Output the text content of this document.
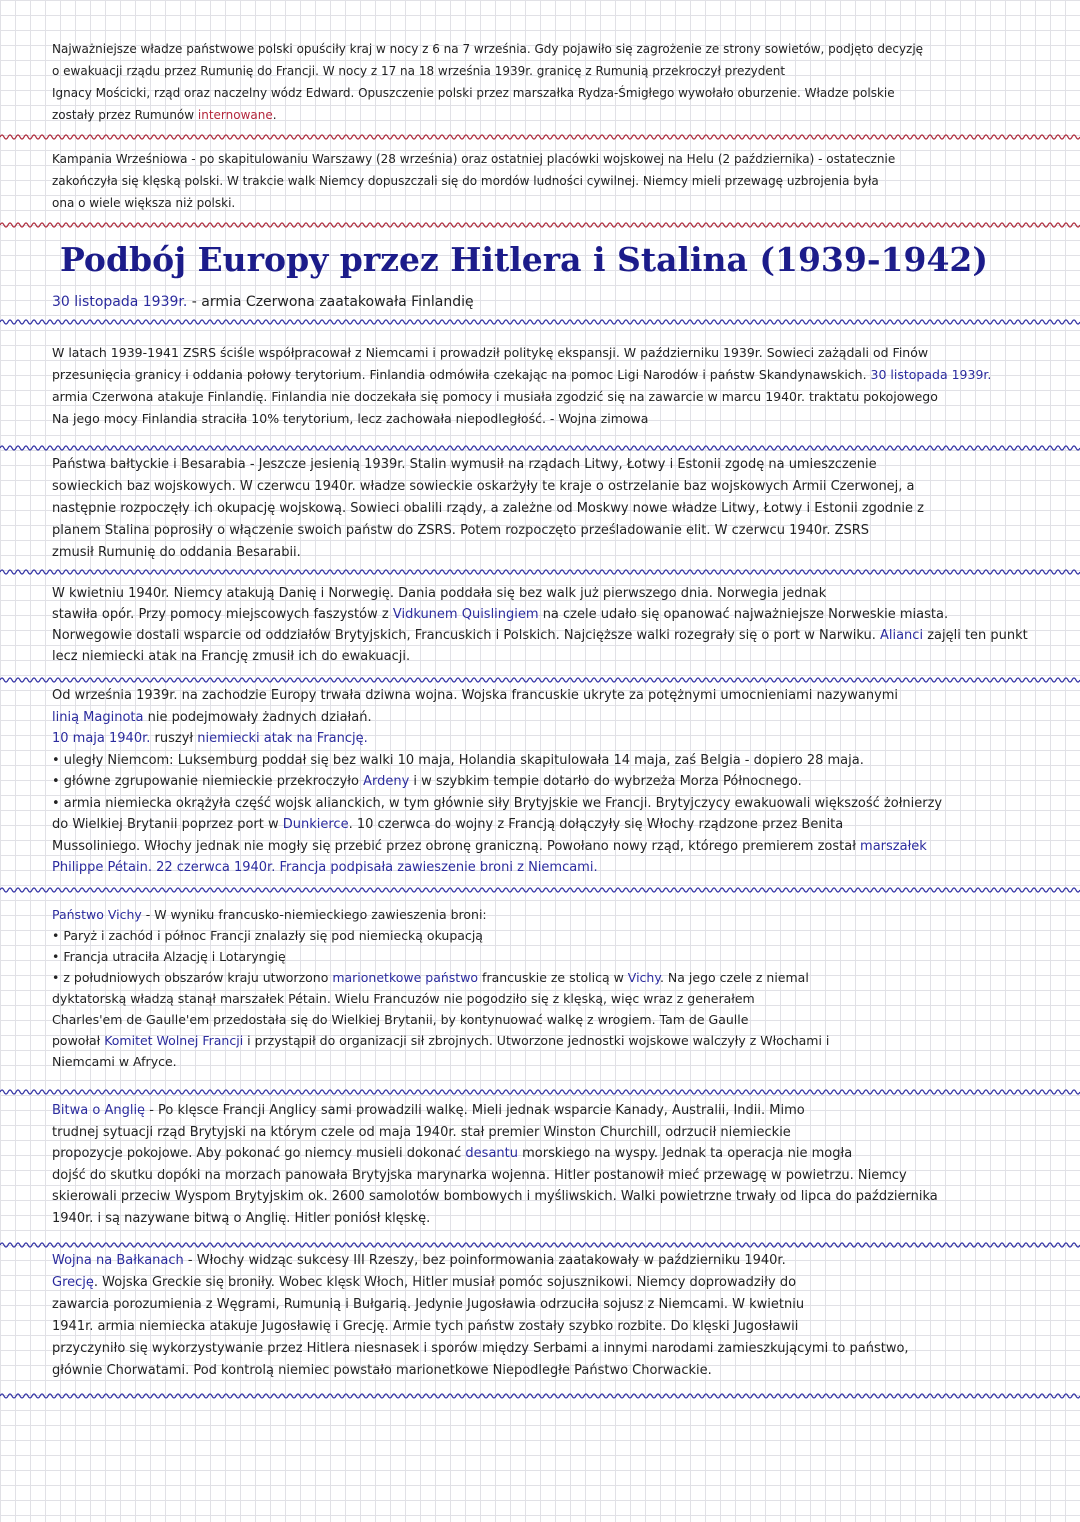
Podbój Europy przez Hitlera i Stalina (1939-1942)
Najważniejsze władze państwowe polski opuściły kraj w nocy z 6 na 7 września. Gdy pojawiło się zagrożenie ze strony sowietów, podjęto decyzję
o ewakuacji rządu przez Rumunię do Francji. W nocy z 17 na 18 września 1939r. granicę z Rumunią przekroczył prezydent
Ignacy Mościcki, rząd oraz naczelny wódz Edward. Opuszczenie polski przez marszałka Rydza-Śmigłego wywołało oburzenie. Władze polskie
zostały przez Rumunów internowane.
Kampania Wrześniowa - po skapitulowaniu Warszawy (28 września) oraz ostatniej placówki wojskowej na Helu (2 października) - ostatecznie
zakończyła się klęską polski. W trakcie walk Niemcy dopuszczali się do mordów ludności cywilnej. Niemcy mieli przewagę uzbrojenia była
ona o wiele większa niż polski.
30 listopada 1939r. - armia Czerwona zaatakowała Finlandię
W latach 1939-1941 ZSRS ściśle współpracował z Niemcami i prowadził politykę ekspansji. W październiku 1939r. Sowieci zażądali od Finów
przesunięcia granicy i oddania połowy terytorium. Finlandia odmówiła czekając na pomoc Ligi Narodów i państw Skandynawskich. 30 listopada 1939r.
armia Czerwona atakuje Finlandię. Finlandia nie doczekała się pomocy i musiała zgodzić się na zawarcie w marcu 1940r. traktatu pokojowego
Na jego mocy Finlandia straciła 10% terytorium, lecz zachowała niepodległość. - Wojna zimowa
Państwa bałtyckie i Besarabia - Jeszcze jesienią 1939r. Stalin wymusił na rządach Litwy, Łotwy i Estonii zgodę na umieszczenie
sowieckich baz wojskowych. W czerwcu 1940r. władze sowieckie oskarżyły te kraje o ostrzelanie baz wojskowych Armii Czerwonej, a
następnie rozpoczęły ich okupację wojskową. Sowieci obalili rządy, a zależne od Moskwy nowe władze Litwy, Łotwy i Estonii zgodnie z
planem Stalina poprosiły o włączenie swoich państw do ZSRS. Potem rozpoczęto prześladowanie elit. W czerwcu 1940r. ZSRS
zmusił Rumunię do oddania Besarabii.
W kwietniu 1940r. Niemcy atakują Danię i Norwegię. Dania poddała się bez walk już pierwszego dnia. Norwegia jednak
stawiła opór. Przy pomocy miejscowych faszystów z Vidkunem Quislingiem na czele udało się opanować najważniejsze Norweskie miasta.
Norwegowie dostali wsparcie od oddziałów Brytyjskich, Francuskich i Polskich. Najcięższe walki rozegrały się o port w Narwiku. Alianci zajęli ten punkt
lecz niemiecki atak na Francję zmusił ich do ewakuacji.
Od września 1939r. na zachodzie Europy trwała dziwna wojna. Wojska francuskie ukryte za potężnymi umocnieniami nazywanymi
linią Maginota nie podejmowały żadnych działań.
10 maja 1940r. ruszył niemiecki atak na Francję.
• uległy Niemcom: Luksemburg poddał się bez walki 10 maja, Holandia skapitulowała 14 maja, zaś Belgia - dopiero 28 maja.
• główne zgrupowanie niemieckie przekroczyło Ardeny i w szybkim tempie dotarło do wybrzeża Morza Północnego.
• armia niemiecka okrążyła część wojsk alianckich, w tym głównie siły Brytyjskie we Francji. Brytyjczycy ewakuowali większość żołnierzy
do Wielkiej Brytanii poprzez port w Dunkierce. 10 czerwca do wojny z Francją dołączyły się Włochy rządzone przez Benita
Mussoliniego. Włochy jednak nie mogły się przebić przez obronę graniczną. Powołano nowy rząd, którego premierem został marszałek
Philippe Pétain. 22 czerwca 1940r. Francja podpisała zawieszenie broni z Niemcami.
Państwo Vichy - W wyniku francusko-niemieckiego zawieszenia broni:
• Paryż i zachód i północ Francji znalazły się pod niemiecką okupacją
• Francja utraciła Alzację i Lotaryngię
• z południowych obszarów kraju utworzono marionetkowe państwo francuskie ze stolicą w Vichy. Na jego czele z niemal
dyktatorską władzą stanął marszałek Pétain. Wielu Francuzów nie pogodziło się z klęską, więc wraz z generałem
Charles'em de Gaulle'em przedostała się do Wielkiej Brytanii, by kontynuować walkę z wrogiem. Tam de Gaulle
powołał Komitet Wolnej Francji i przystąpił do organizacji sił zbrojnych. Utworzone jednostki wojskowe walczyły z Włochami i
Niemcami w Afryce.
Bitwa o Anglię - Po klęsce Francji Anglicy sami prowadzili walkę. Mieli jednak wsparcie Kanady, Australii, Indii. Mimo
trudnej sytuacji rząd Brytyjski na którym czele od maja 1940r. stał premier Winston Churchill, odrzucił niemieckie
propozycje pokojowe. Aby pokonać go niemcy musieli dokonać desantu morskiego na wyspy. Jednak ta operacja nie mogła
dojść do skutku dopóki na morzach panowała Brytyjska marynarka wojenna. Hitler postanowił mieć przewagę w powietrzu. Niemcy
skierowali przeciw Wyspom Brytyjskim ok. 2600 samolotów bombowych i myśliwskich. Walki powietrzne trwały od lipca do października
1940r. i są nazywane bitwą o Anglię. Hitler poniósł klęskę.
Wojna na Bałkanach - Włochy widząc sukcesy III Rzeszy, bez poinformowania zaatakowały w październiku 1940r.
Grecję. Wojska Greckie się broniły. Wobec klęsk Włoch, Hitler musiał pomóc sojusznikowi. Niemcy doprowadziły do
zawarcia porozumienia z Węgrami, Rumunią i Bułgarią. Jedynie Jugosławia odrzuciła sojusz z Niemcami. W kwietniu
1941r. armia niemiecka atakuje Jugosławię i Grecję. Armie tych państw zostały szybko rozbite. Do klęski Jugosławii
przyczyniło się wykorzystywanie przez Hitlera niesnasek i sporów między Serbami a innymi narodami zamieszkującymi to państwo,
głównie Chorwatami. Pod kontrolą niemiec powstało marionetkowe Niepodległe Państwo Chorwackie.
